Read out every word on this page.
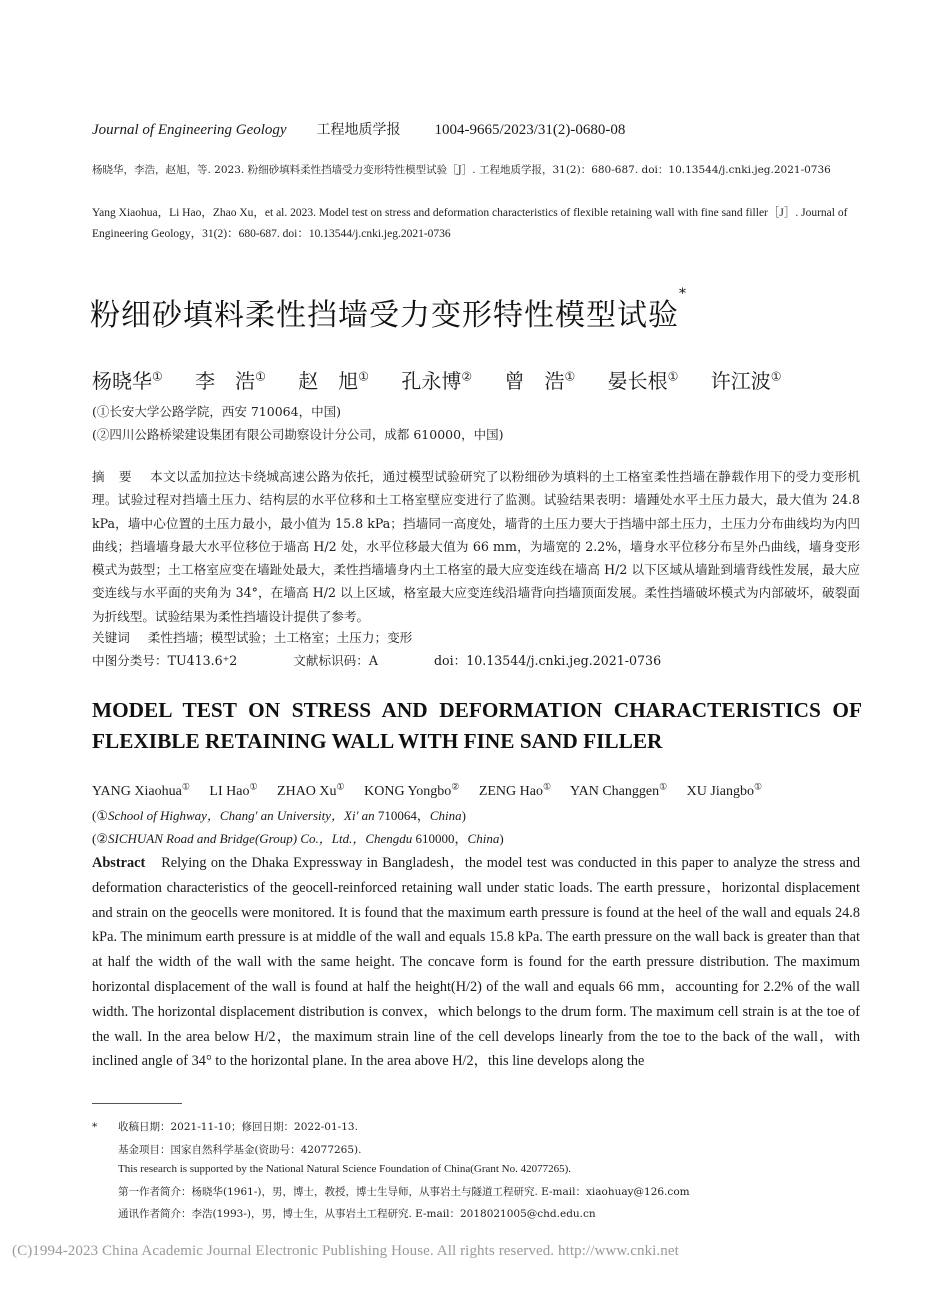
Journal of Engineering Geology 工程地质学报 1004-9665/2023/31(2)-0680-08
杨晓华，李浩，赵旭，等. 2023. 粉细砂填料柔性挡墙受力变形特性模型试验［J］. 工程地质学报，31(2)：680-687. doi：10.13544/j.cnki.jeg.2021-0736
Yang Xiaohua，Li Hao，Zhao Xu，et al. 2023. Model test on stress and deformation characteristics of flexible retaining wall with fine sand filler［J］. Journal of Engineering Geology，31(2)：680-687. doi：10.13544/j.cnki.jeg.2021-0736
粉细砂填料柔性挡墙受力变形特性模型试验*
杨晓华① 李　浩① 赵　旭① 孔永博② 曾　浩① 晏长根① 许江波①
(①长安大学公路学院，西安 710064，中国)
(②四川公路桥梁建设集团有限公司勘察设计分公司，成都 610000，中国)
摘要 本文以孟加拉达卡绕城高速公路为依托，通过模型试验研究了以粉细砂为填料的土工格室柔性挡墙在静载作用下的受力变形机理。试验过程对挡墙土压力、结构层的水平位移和土工格室壁应变进行了监测。试验结果表明：墙踵处水平土压力最大，最大值为 24.8 kPa，墙中心位置的土压力最小，最小值为 15.8 kPa；挡墙同一高度处，墙背的土压力要大于挡墙中部土压力，土压力分布曲线均为内凹曲线；挡墙墙身最大水平位移位于墙高 H/2 处，水平位移最大值为 66 mm，为墙宽的 2.2%，墙身水平位移分布呈外凸曲线，墙身变形模式为鼓型；土工格室应变在墙趾处最大，柔性挡墙墙身内土工格室的最大应变连线在墙高 H/2 以下区域从墙趾到墙背线性发展，最大应变连线与水平面的夹角为 34°，在墙高 H/2 以上区域，格室最大应变连线沿墙背向挡墙顶面发展。柔性挡墙破坏模式为内部破坏，破裂面为折线型。试验结果为柔性挡墙设计提供了参考。
关键词 柔性挡墙；模型试验；土工格室；土压力；变形
中图分类号：TU413.6⁺2	文献标识码：A	doi：10.13544/j.cnki.jeg.2021-0736
MODEL TEST ON STRESS AND DEFORMATION CHARACTERISTICS OF FLEXIBLE RETAINING WALL WITH FINE SAND FILLER
YANG Xiaohua① LI Hao① ZHAO Xu① KONG Yongbo② ZENG Hao① YAN Changgen① XU Jiangbo①
(①School of Highway，Chang' an University，Xi' an 710064，China)
(②SICHUAN Road and Bridge(Group) Co.，Ltd.，Chengdu 610000，China)
Abstract Relying on the Dhaka Expressway in Bangladesh，the model test was conducted in this paper to analyze the stress and deformation characteristics of the geocell-reinforced retaining wall under static loads. The earth pressure，horizontal displacement and strain on the geocells were monitored. It is found that the maximum earth pressure is found at the heel of the wall and equals 24.8 kPa. The minimum earth pressure is at middle of the wall and equals 15.8 kPa. The earth pressure on the wall back is greater than that at half the width of the wall with the same height. The concave form is found for the earth pressure distribution. The maximum horizontal displacement of the wall is found at half the height(H/2) of the wall and equals 66 mm，accounting for 2.2% of the wall width. The horizontal displacement distribution is convex，which belongs to the drum form. The maximum cell strain is at the toe of the wall. In the area below H/2，the maximum strain line of the cell develops linearly from the toe to the back of the wall，with inclined angle of 34° to the horizontal plane. In the area above H/2，this line develops along the
* 收稿日期：2021-11-10；修回日期：2022-01-13.
基金项目：国家自然科学基金(资助号：42077265).
This research is supported by the National Natural Science Foundation of China(Grant No. 42077265).
第一作者简介：杨晓华(1961-)，男，博士，教授，博士生导师，从事岩土与隧道工程研究. E-mail：xiaohuay@126.com
通讯作者简介：李浩(1993-)，男，博士生，从事岩土工程研究. E-mail：2018021005@chd.edu.cn
(C)1994-2023 China Academic Journal Electronic Publishing House. All rights reserved. http://www.cnki.net
